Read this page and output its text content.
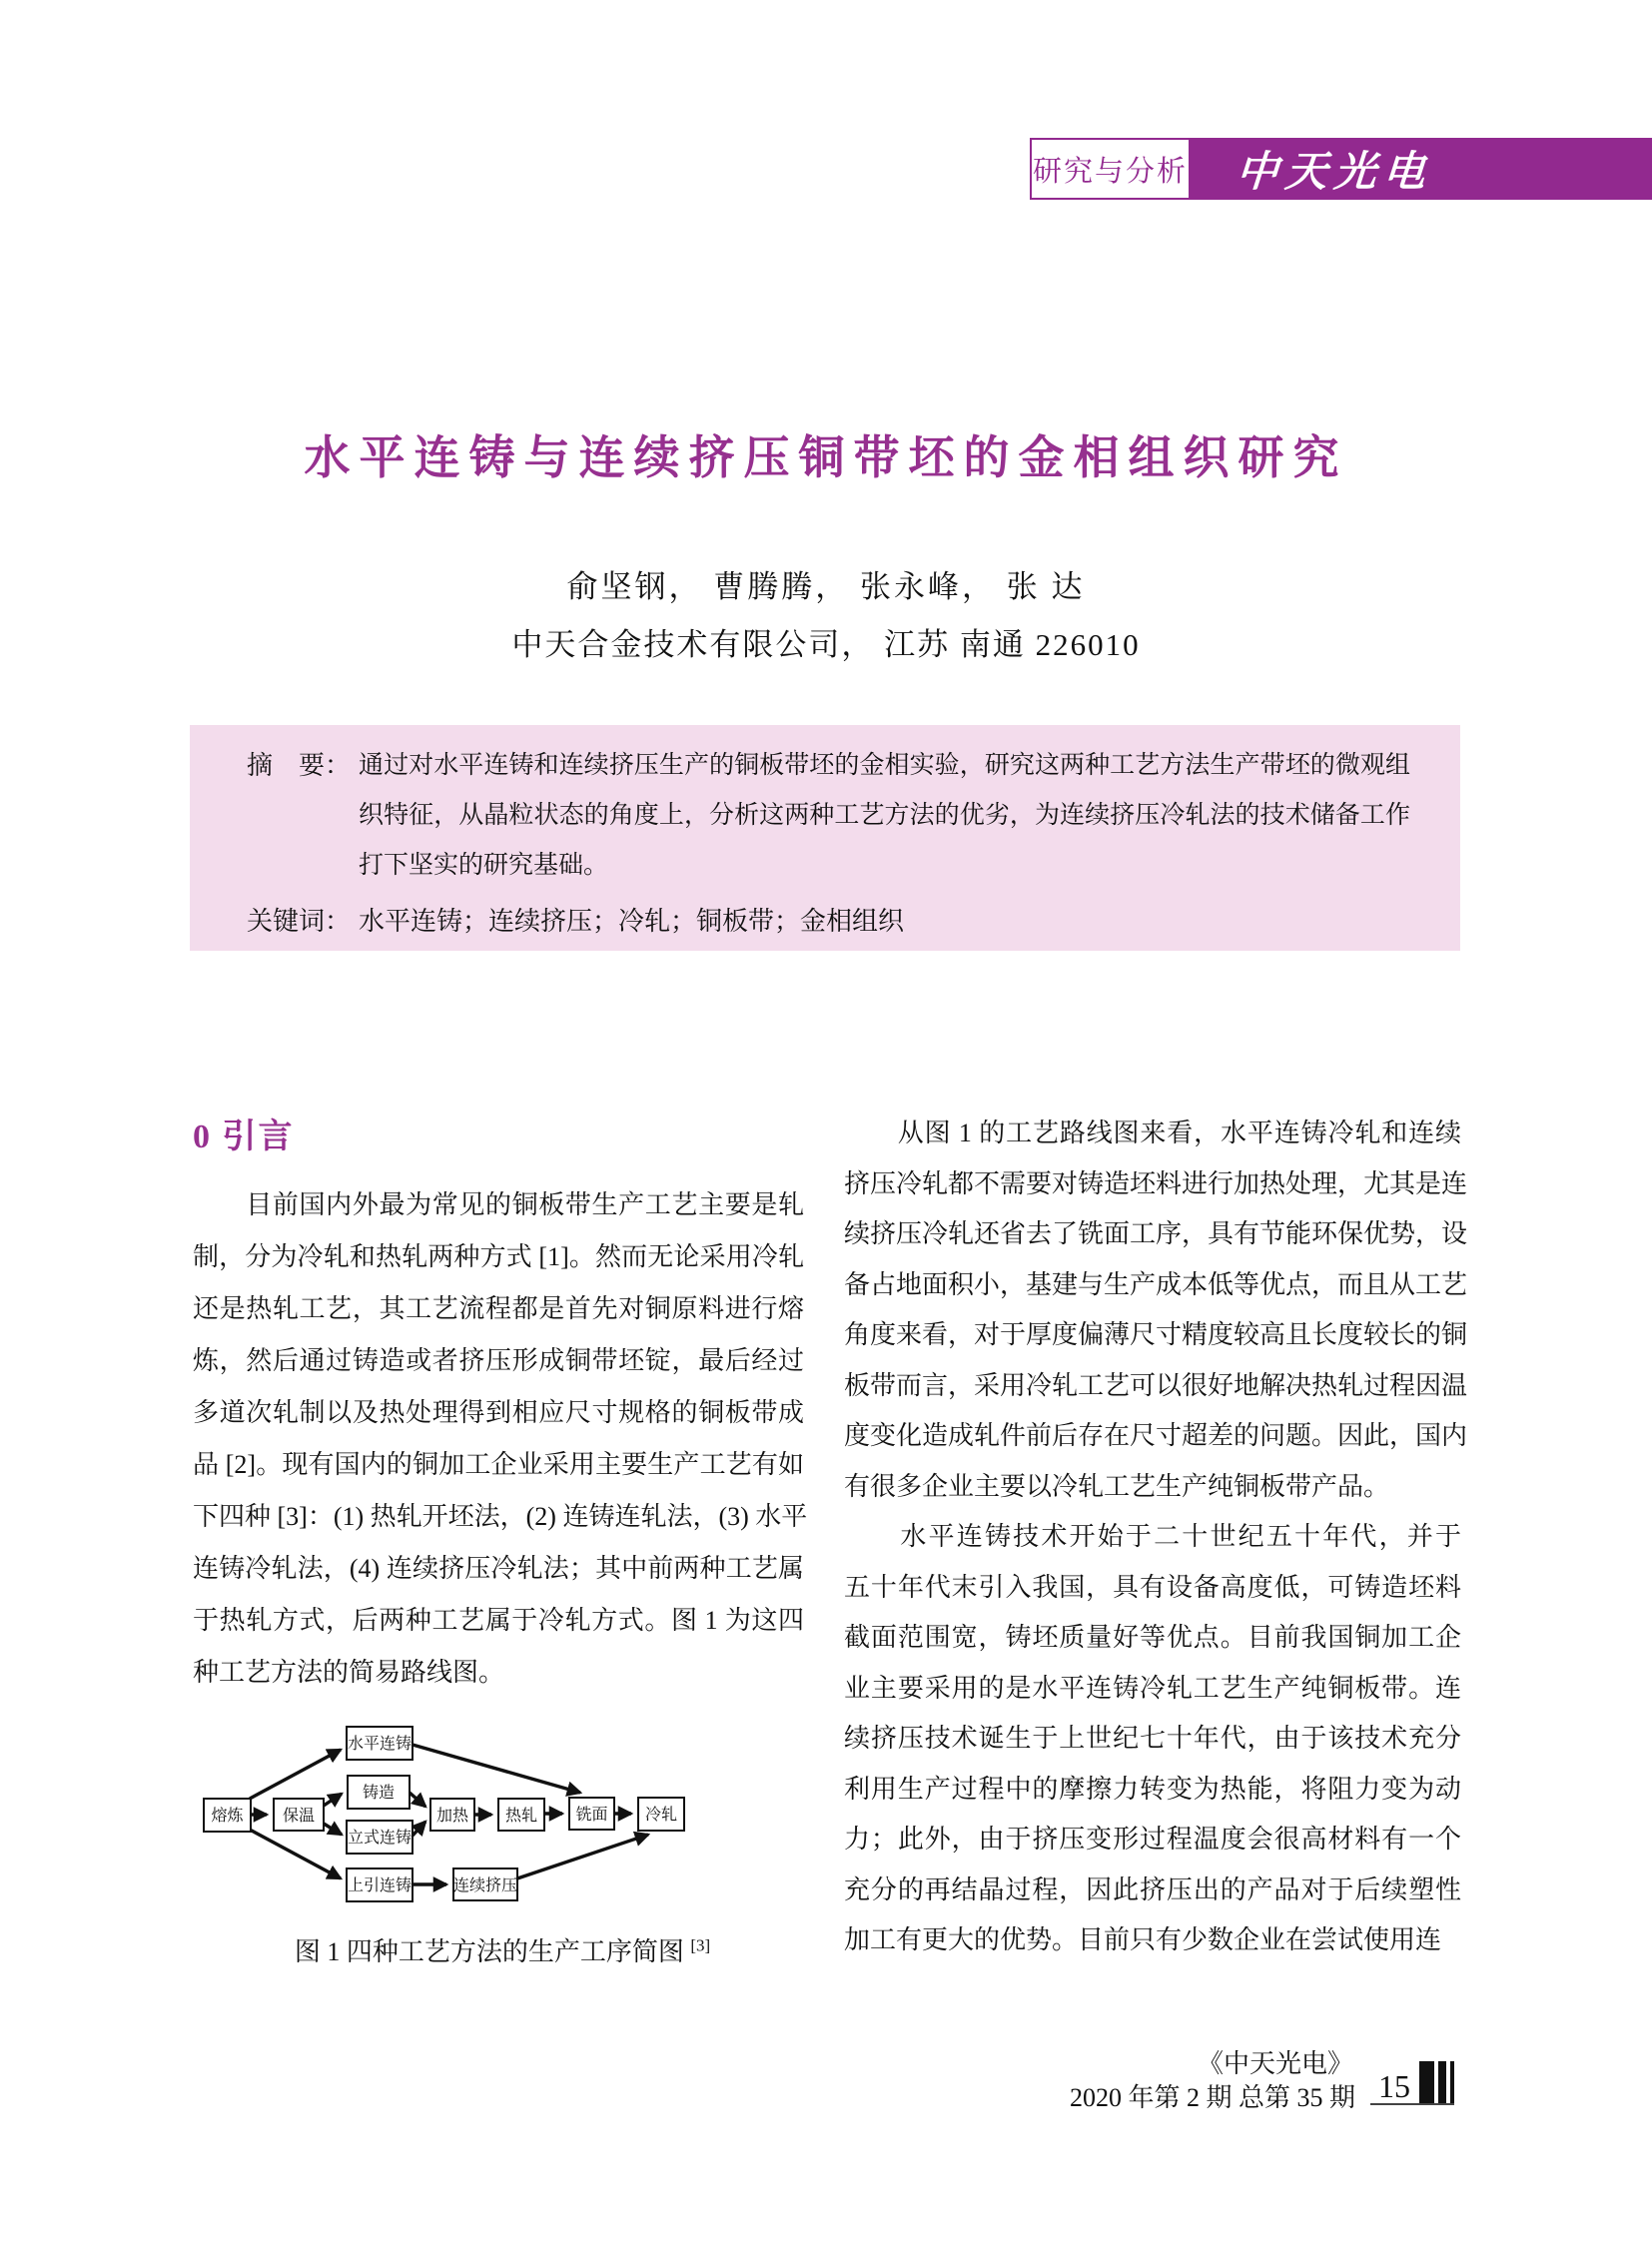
研究与分析	中天光电
水平连铸与连续挤压铜带坯的金相组织研究
俞坚钢， 曹腾腾， 张永峰， 张 达
中天合金技术有限公司， 江苏 南通 226010
摘　要： 通过对水平连铸和连续挤压生产的铜板带坯的金相实验，研究这两种工艺方法生产带坯的微观组织特征，从晶粒状态的角度上，分析这两种工艺方法的优劣，为连续挤压冷轧法的技术储备工作打下坚实的研究基础。
关键词： 水平连铸；连续挤压；冷轧；铜板带；金相组织
0 引言
　　目前国内外最为常见的铜板带生产工艺主要是轧
制，分为冷轧和热轧两种方式 [1]。然而无论采用冷轧
还是热轧工艺，其工艺流程都是首先对铜原料进行熔
炼，然后通过铸造或者挤压形成铜带坯锭，最后经过
多道次轧制以及热处理得到相应尺寸规格的铜板带成
品 [2]。现有国内的铜加工企业采用主要生产工艺有如
下四种 [3]：(1) 热轧开坯法，(2) 连铸连轧法，(3) 水平
连铸冷轧法，(4) 连续挤压冷轧法；其中前两种工艺属
于热轧方式，后两种工艺属于冷轧方式。图 1 为这四
种工艺方法的简易路线图。
熔炼 保温
水平连铸
铸造
立式连铸
上引连铸	连续挤压
加热 热轧 铣面 冷轧
图 1 四种工艺方法的生产工序简图 [3]
　　从图 1 的工艺路线图来看，水平连铸冷轧和连续
挤压冷轧都不需要对铸造坯料进行加热处理，尤其是连
续挤压冷轧还省去了铣面工序，具有节能环保优势，设
备占地面积小，基建与生产成本低等优点，而且从工艺
角度来看，对于厚度偏薄尺寸精度较高且长度较长的铜
板带而言，采用冷轧工艺可以很好地解决热轧过程因温
度变化造成轧件前后存在尺寸超差的问题。因此，国内
有很多企业主要以冷轧工艺生产纯铜板带产品。
　　水平连铸技术开始于二十世纪五十年代，并于
五十年代末引入我国，具有设备高度低，可铸造坯料
截面范围宽，铸坯质量好等优点。目前我国铜加工企
业主要采用的是水平连铸冷轧工艺生产纯铜板带。连
续挤压技术诞生于上世纪七十年代，由于该技术充分
利用生产过程中的摩擦力转变为热能，将阻力变为动
力；此外，由于挤压变形过程温度会很高材料有一个
充分的再结晶过程，因此挤压出的产品对于后续塑性
加工有更大的优势。目前只有少数企业在尝试使用连
《中天光电》
2020 年第 2 期 总第 35 期 15
